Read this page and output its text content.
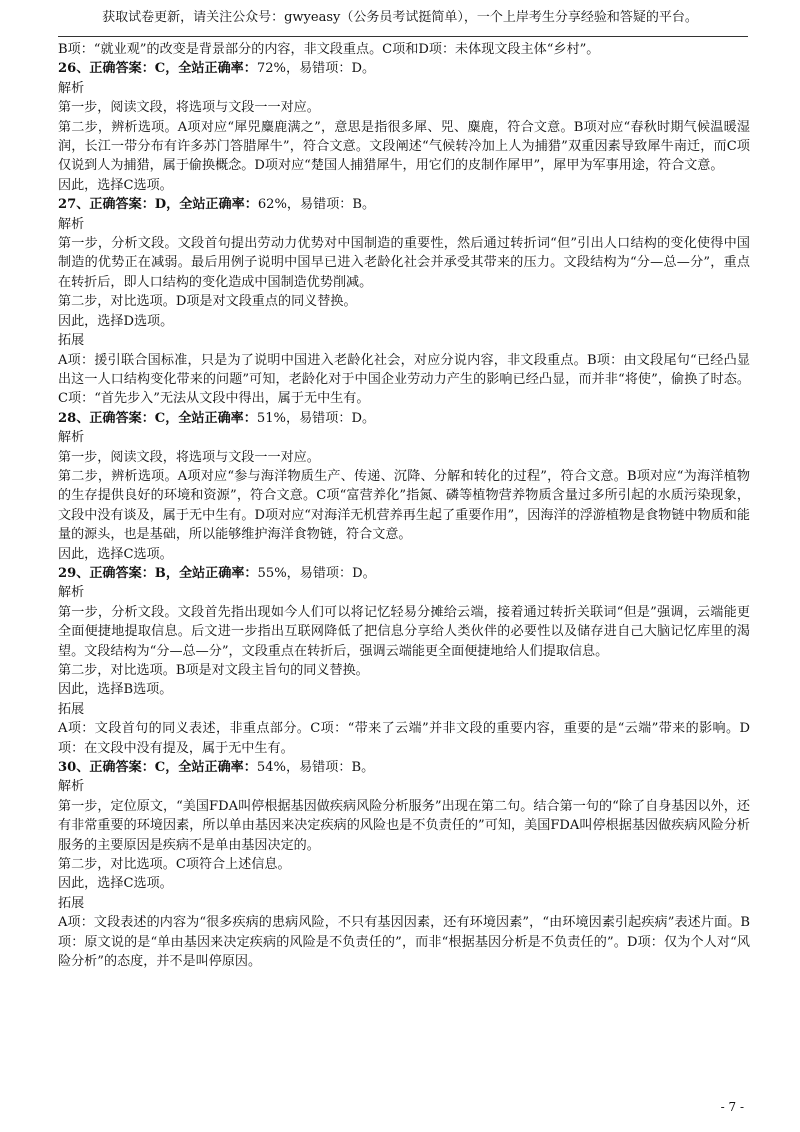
获取试卷更新，请关注公众号：gwyeasy（公务员考试挺简单），一个上岸考生分享经验和答疑的平台。

B项：“就业观”的改变是背景部分的内容，非文段重点。C项和D项：未体现文段主体“乡村”。

26、正确答案：C，全站正确率：72%，易错项：D。

解析

第一步，阅读文段，将选项与文段一一对应。

第二步，辨析选项。A项对应“犀兕麋鹿满之”，意思是指很多犀、兕、麋鹿，符合文意。B项对应“春秋时期气候温暖湿润，长江一带分布有许多苏门答腊犀牛”，符合文意。文段阐述“气候转冷加上人为捕猎”双重因素导致犀牛南迁，而C项仅说到人为捕猎，属于偷换概念。D项对应“楚国人捕猎犀牛，用它们的皮制作犀甲”，犀甲为军事用途，符合文意。

因此，选择C选项。

27、正确答案：D，全站正确率：62%，易错项：B。

解析

第一步，分析文段。文段首句提出劳动力优势对中国制造的重要性，然后通过转折词“但”引出人口结构的变化使得中国制造的优势正在减弱。最后用例子说明中国早已进入老龄化社会并承受其带来的压力。文段结构为“分—总—分”，重点在转折后，即人口结构的变化造成中国制造优势削减。

第二步，对比选项。D项是对文段重点的同义替换。

因此，选择D选项。

拓展

A项：援引联合国标准，只是为了说明中国进入老龄化社会，对应分说内容，非文段重点。B项：由文段尾句“已经凸显出这一人口结构变化带来的问题”可知，老龄化对于中国企业劳动力产生的影响已经凸显，而并非“将使”，偷换了时态。C项：“首先步入”无法从文段中得出，属于无中生有。

28、正确答案：C，全站正确率：51%，易错项：D。

解析

第一步，阅读文段，将选项与文段一一对应。

第二步，辨析选项。A项对应“参与海洋物质生产、传递、沉降、分解和转化的过程”，符合文意。B项对应“为海洋植物的生存提供良好的环境和资源”，符合文意。C项“富营养化”指氮、磷等植物营养物质含量过多所引起的水质污染现象，文段中没有谈及，属于无中生有。D项对应“对海洋无机营养再生起了重要作用”，因海洋的浮游植物是食物链中物质和能量的源头，也是基础，所以能够维护海洋食物链，符合文意。

因此，选择C选项。

29、正确答案：B，全站正确率：55%，易错项：D。

解析

第一步，分析文段。文段首先指出现如今人们可以将记忆轻易分摊给云端，接着通过转折关联词“但是”强调，云端能更全面便捷地提取信息。后文进一步指出互联网降低了把信息分享给人类伙伴的必要性以及储存进自己大脑记忆库里的渴望。文段结构为“分—总—分”，文段重点在转折后，强调云端能更全面便捷地给人们提取信息。

第二步，对比选项。B项是对文段主旨句的同义替换。

因此，选择B选项。

拓展

A项：文段首句的同义表述，非重点部分。C项：“带来了云端”并非文段的重要内容，重要的是“云端”带来的影响。D项：在文段中没有提及，属于无中生有。

30、正确答案：C，全站正确率：54%，易错项：B。

解析

第一步，定位原文，“美国FDA叫停根据基因做疾病风险分析服务”出现在第二句。结合第一句的“除了自身基因以外，还有非常重要的环境因素，所以单由基因来决定疾病的风险也是不负责任的”可知，美国FDA叫停根据基因做疾病风险分析服务的主要原因是疾病不是单由基因决定的。

第二步，对比选项。C项符合上述信息。

因此，选择C选项。

拓展

A项：文段表述的内容为“很多疾病的患病风险，不只有基因因素，还有环境因素”，“由环境因素引起疾病”表述片面。B项：原文说的是“单由基因来决定疾病的风险是不负责任的”，而非“根据基因分析是不负责任的”。D项：仅为个人对“风险分析”的态度，并不是叫停原因。

- 7 -
